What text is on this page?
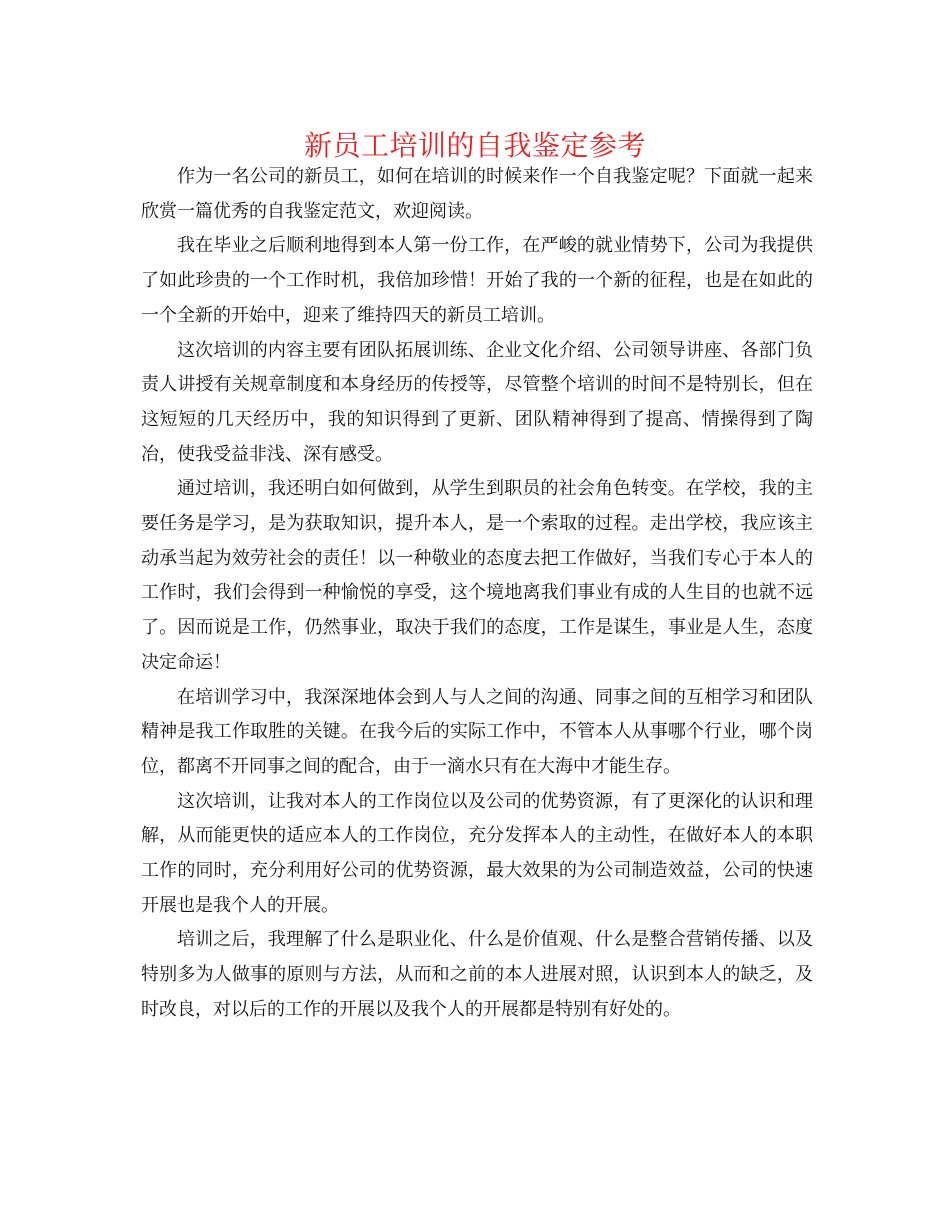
新员工培训的自我鉴定参考

作为一名公司的新员工，如何在培训的时候来作一个自我鉴定呢？下面就一起来欣赏一篇优秀的自我鉴定范文，欢迎阅读。

我在毕业之后顺利地得到本人第一份工作，在严峻的就业情势下，公司为我提供了如此珍贵的一个工作时机，我倍加珍惜！开始了我的一个新的征程，也是在如此的一个全新的开始中，迎来了维持四天的新员工培训。

这次培训的内容主要有团队拓展训练、企业文化介绍、公司领导讲座、各部门负责人讲授有关规章制度和本身经历的传授等，尽管整个培训的时间不是特别长，但在这短短的几天经历中，我的知识得到了更新、团队精神得到了提高、情操得到了陶冶，使我受益非浅、深有感受。

通过培训，我还明白如何做到，从学生到职员的社会角色转变。在学校，我的主要任务是学习，是为获取知识，提升本人，是一个索取的过程。走出学校，我应该主动承当起为效劳社会的责任！以一种敬业的态度去把工作做好，当我们专心于本人的工作时，我们会得到一种愉悦的享受，这个境地离我们事业有成的人生目的也就不远了。因而说是工作，仍然事业，取决于我们的态度，工作是谋生，事业是人生，态度决定命运！

在培训学习中，我深深地体会到人与人之间的沟通、同事之间的互相学习和团队精神是我工作取胜的关键。在我今后的实际工作中，不管本人从事哪个行业，哪个岗位，都离不开同事之间的配合，由于一滴水只有在大海中才能生存。

这次培训，让我对本人的工作岗位以及公司的优势资源，有了更深化的认识和理解，从而能更快的适应本人的工作岗位，充分发挥本人的主动性，在做好本人的本职工作的同时，充分利用好公司的优势资源，最大效果的为公司制造效益，公司的快速开展也是我个人的开展。

培训之后，我理解了什么是职业化、什么是价值观、什么是整合营销传播、以及特别多为人做事的原则与方法，从而和之前的本人进展对照，认识到本人的缺乏，及时改良，对以后的工作的开展以及我个人的开展都是特别有好处的。
